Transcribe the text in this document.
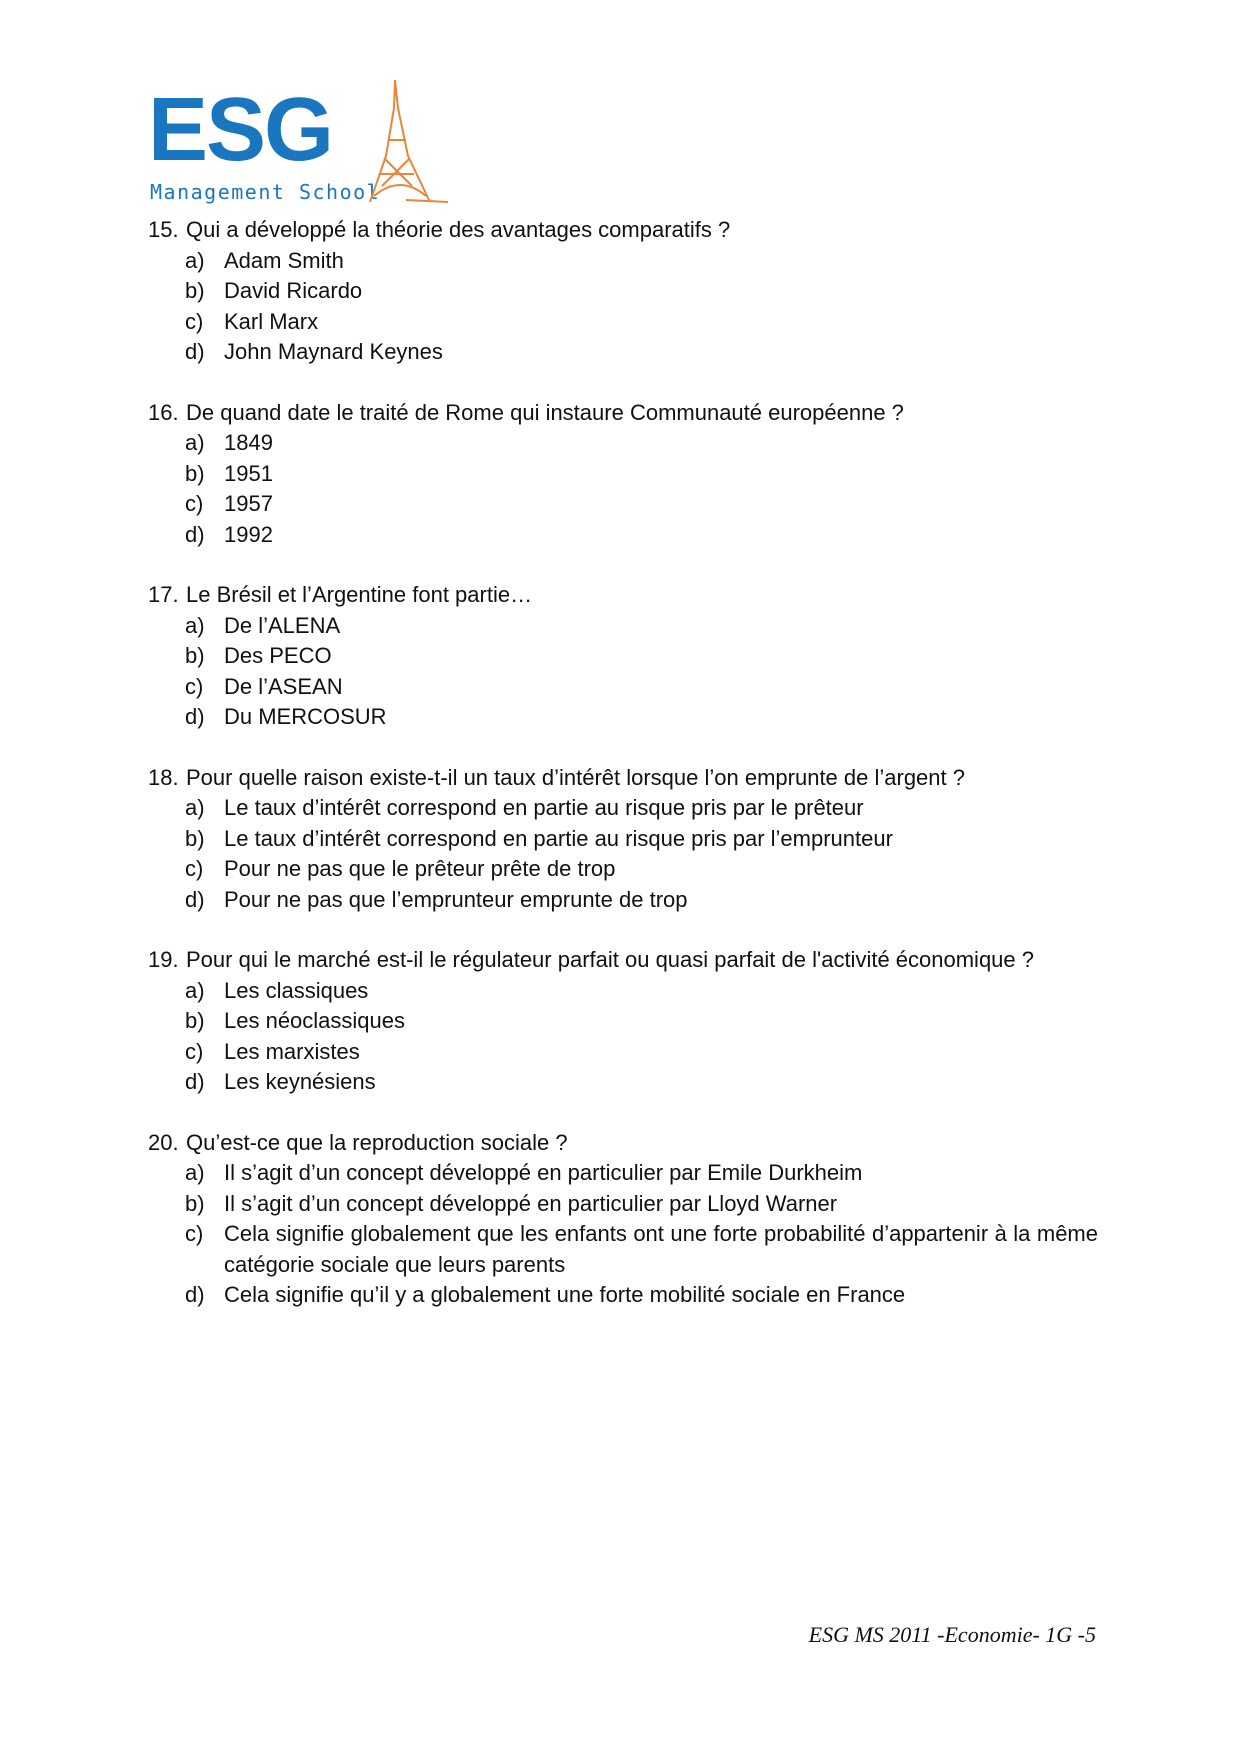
ESG
Management School
15. Qui a développé la théorie des avantages comparatifs ?
a) Adam Smith
b) David Ricardo
c) Karl Marx
d) John Maynard Keynes
16. De quand date le traité de Rome qui instaure Communauté européenne ?
a) 1849
b) 1951
c) 1957
d) 1992
17. Le Brésil et l’Argentine font partie…
a) De l’ALENA
b) Des PECO
c) De l’ASEAN
d) Du MERCOSUR
18. Pour quelle raison existe-t-il un taux d’intérêt lorsque l’on emprunte de l’argent ?
a) Le taux d’intérêt correspond en partie au risque pris par le prêteur
b) Le taux d’intérêt correspond en partie au risque pris par l’emprunteur
c) Pour ne pas que le prêteur prête de trop
d) Pour ne pas que l’emprunteur emprunte de trop
19. Pour qui le marché est-il le régulateur parfait ou quasi parfait de l'activité économique ?
a) Les classiques
b) Les néoclassiques
c) Les marxistes
d) Les keynésiens
20. Qu’est-ce que la reproduction sociale ?
a) Il s’agit d’un concept développé en particulier par Emile Durkheim
b) Il s’agit d’un concept développé en particulier par Lloyd Warner
c) Cela signifie globalement que les enfants ont une forte probabilité d’appartenir à la même catégorie sociale que leurs parents
d) Cela signifie qu’il y a globalement une forte mobilité sociale en France
ESG MS 2011 -Economie- 1G -5
